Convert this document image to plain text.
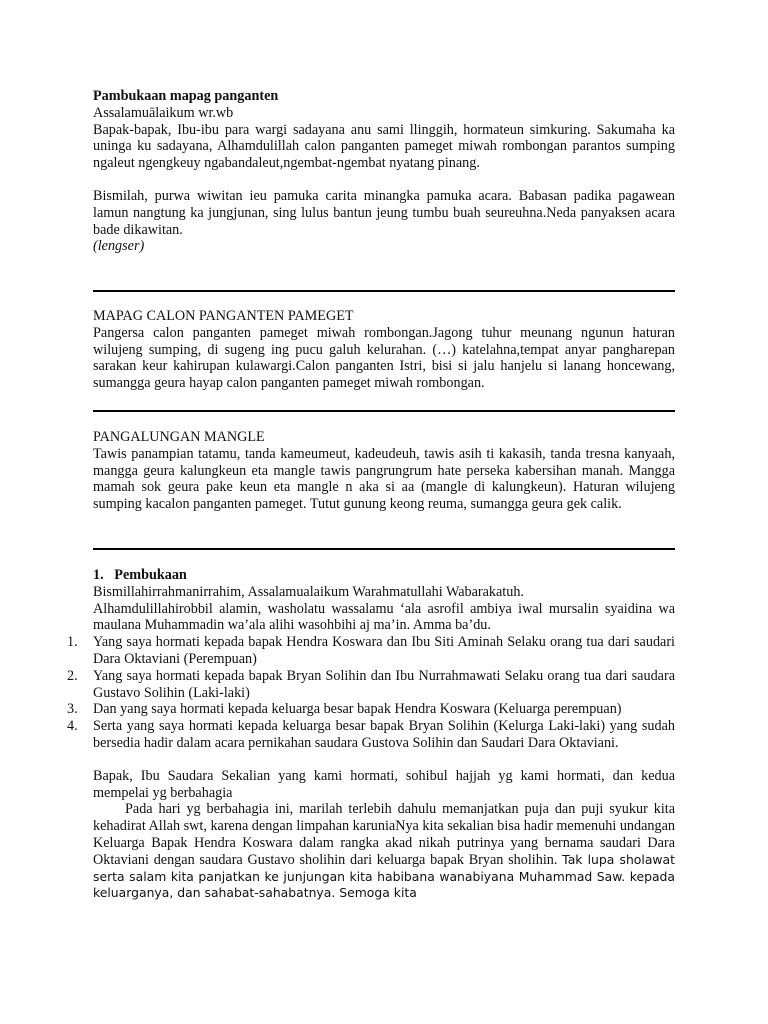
Pambukaan mapag panganten

Assalamuālaikum wr.wb

Bapak-bapak, Ibu-ibu para wargi sadayana anu sami llinggih, hormateun simkuring. Sakumaha ka uninga ku sadayana, Alhamdulillah calon panganten pameget miwah rombongan parantos sumping ngaleut ngengkeuy ngabandaleut,ngembat-ngembat nyatang pinang.

Bismilah, purwa wiwitan ieu pamuka carita minangka pamuka acara. Babasan padika pagawean lamun nangtung ka jungjunan, sing lulus bantun jeung tumbu buah seureuhna.Neda panyaksen acara bade dikawitan.

(lengser)

MAPAG CALON PANGANTEN PAMEGET

Pangersa calon panganten pameget miwah rombongan.Jagong tuhur meunang ngunun haturan wilujeng sumping, di sugeng ing pucu galuh kelurahan. (…) katelahna,tempat anyar pangharepan sarakan keur kahirupan kulawargi.Calon panganten Istri, bisi si jalu hanjelu si lanang honcewang, sumangga geura hayap calon panganten pameget miwah rombongan.

PANGALUNGAN MANGLE

Tawis panampian tatamu, tanda kameumeut, kadeudeuh, tawis asih ti kakasih, tanda tresna kanyaah, mangga geura kalungkeun eta mangle tawis pangrungrum hate perseka kabersihan manah. Mangga mamah sok geura pake keun eta mangle n aka si aa (mangle di kalungkeun). Haturan wilujeng sumping kacalon panganten pameget. Tutut gunung keong reuma, sumangga geura gek calik.

1. Pembukaan

Bismillahirrahmanirrahim, Assalamualaikum Warahmatullahi Wabarakatuh.

Alhamdulillahirobbil alamin, washolatu wassalamu ‘ala asrofil ambiya iwal mursalin syaidina wa maulana Muhammadin wa’ala alihi wasohbihi aj ma’in. Amma ba’du.

1. Yang saya hormati kepada bapak Hendra Koswara dan Ibu Siti Aminah Selaku orang tua dari saudari Dara Oktaviani (Perempuan)
2. Yang saya hormati kepada bapak Bryan Solihin dan Ibu Nurrahmawati Selaku orang tua dari saudara Gustavo Solihin (Laki-laki)
3. Dan yang saya hormati kepada keluarga besar bapak Hendra Koswara (Keluarga perempuan)
4. Serta yang saya hormati kepada keluarga besar bapak Bryan Solihin (Kelurga Laki-laki) yang sudah bersedia hadir dalam acara pernikahan saudara Gustova Solihin dan Saudari Dara Oktaviani.

Bapak, Ibu Saudara Sekalian yang kami hormati, sohibul hajjah yg kami hormati, dan kedua mempelai yg berbahagia

Pada hari yg berbahagia ini, marilah terlebih dahulu memanjatkan puja dan puji syukur kita kehadirat Allah swt, karena dengan limpahan karuniaNya kita sekalian bisa hadir memenuhi undangan Keluarga Bapak Hendra Koswara dalam rangka akad nikah putrinya yang bernama saudari Dara Oktaviani dengan saudara Gustavo sholihin dari keluarga bapak Bryan sholihin. Tak lupa sholawat serta salam kita panjatkan ke junjungan kita habibana wanabiyana Muhammad Saw. kepada keluarganya, dan sahabat-sahabatnya. Semoga kita
